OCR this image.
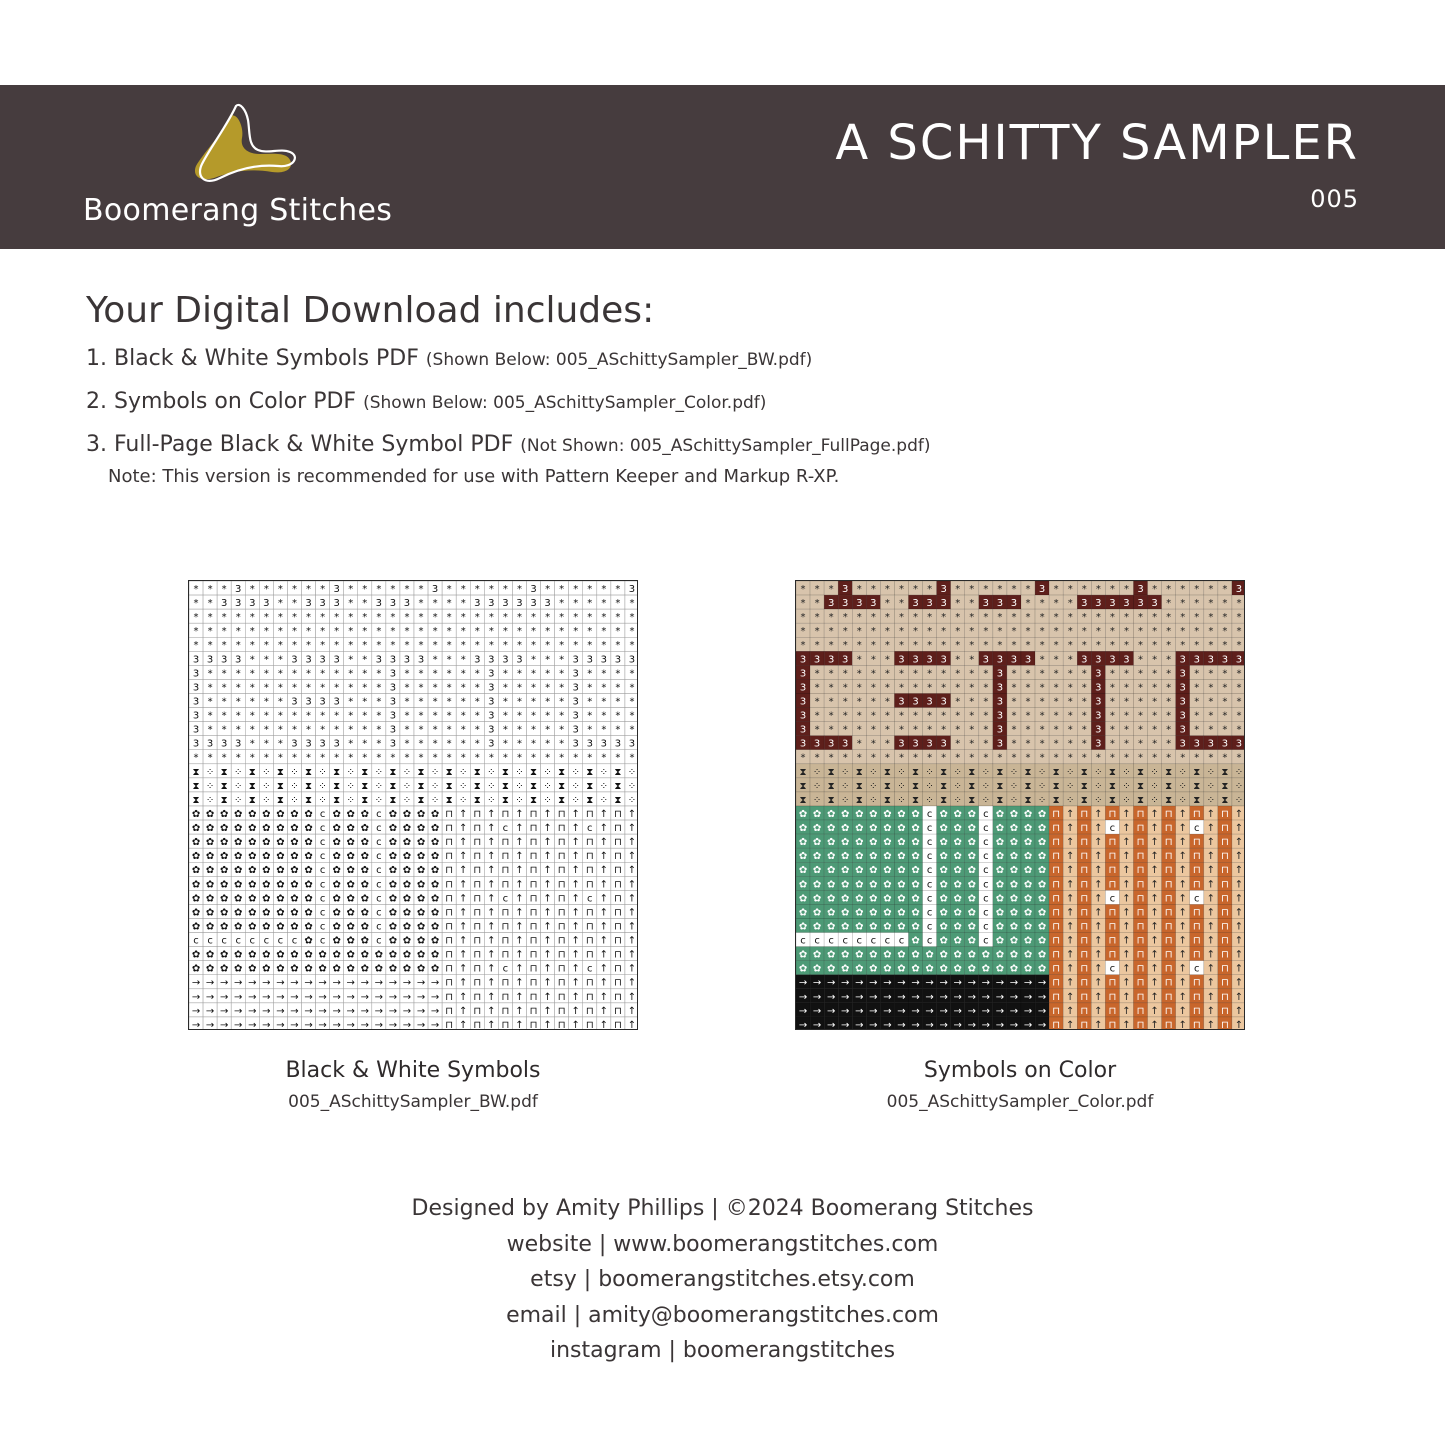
Boomerang Stitches
A SCHITTY SAMPLER
005
Your Digital Download includes:
1. Black & White Symbols PDF (Shown Below: 005_ASchittySampler_BW.pdf)
2. Symbols on Color PDF (Shown Below: 005_ASchittySampler_Color.pdf)
3. Full-Page Black & White Symbol PDF (Not Shown: 005_ASchittySampler_FullPage.pdf)
Note: This version is recommended for use with Pattern Keeper and Markup R-XP.
* * * 3 * * * * * * 3 * * * * * * 3 * * * * * * 3 * * * * * * 3
* * 3 3 3 3 * * 3 3 3 * * 3 3 3 * * * * 3 3 3 3 3 3 * * * * * *
* * * * * * * * * * * * * * * * * * * * * * * * * * * * * * * *
* * * * * * * * * * * * * * * * * * * * * * * * * * * * * * * *
* * * * * * * * * * * * * * * * * * * * * * * * * * * * * * * *
3 3 3 3 * * * 3 3 3 3 * * 3 3 3 3 * * * 3 3 3 3 * * * 3 3 3 3 3
3 * * * * * * * * * * * * * 3 * * * * * * 3 * * * * * 3 * * * *
3 * * * * * * * * * * * * * 3 * * * * * * 3 * * * * * 3 * * * *
3 * * * * * * 3 3 3 3 * * * 3 * * * * * * 3 * * * * * 3 * * * *
3 * * * * * * * * * * * * * 3 * * * * * * 3 * * * * * 3 * * * *
3 * * * * * * * * * * * * * 3 * * * * * * 3 * * * * * 3 * * * *
3 3 3 3 * * * 3 3 3 3 * * * 3 * * * * * * 3 * * * * * 3 3 3 3 3
* * * * * * * * * * * * * * * * * * * * * * * * * * * * * * * *
⧗ ⁘ ⧗ ⁘ ⧗ ⁘ ⧗ ⁘ ⧗ ⁘ ⧗ ⁘ ⧗ ⁘ ⧗ ⁘ ⧗ ⁘ ⧗ ⁘ ⧗ ⁘ ⧗ ⁘ ⧗ ⁘ ⧗ ⁘ ⧗ ⁘ ⧗ ⁘
⧗ ⁘ ⧗ ⁘ ⧗ ⁘ ⧗ ⁘ ⧗ ⁘ ⧗ ⁘ ⧗ ⁘ ⧗ ⁘ ⧗ ⁘ ⧗ ⁘ ⧗ ⁘ ⧗ ⁘ ⧗ ⁘ ⧗ ⁘ ⧗ ⁘ ⧗ ⁘
⧗ ⁘ ⧗ ⁘ ⧗ ⁘ ⧗ ⁘ ⧗ ⁘ ⧗ ⁘ ⧗ ⁘ ⧗ ⁘ ⧗ ⁘ ⧗ ⁘ ⧗ ⁘ ⧗ ⁘ ⧗ ⁘ ⧗ ⁘ ⧗ ⁘ ⧗ ⁘
✿ ✿ ✿ ✿ ✿ ✿ ✿ ✿ ✿ c ✿ ✿ ✿ c ✿ ✿ ✿ ✿ ⊓ ↑ ⊓ ↑ ⊓ ↑ ⊓ ↑ ⊓ ↑ ⊓ ↑ ⊓ ↑
✿ ✿ ✿ ✿ ✿ ✿ ✿ ✿ ✿ c ✿ ✿ ✿ c ✿ ✿ ✿ ✿ ⊓ ↑ ⊓ ↑ c ↑ ⊓ ↑ ⊓ ↑ c ↑ ⊓ ↑
✿ ✿ ✿ ✿ ✿ ✿ ✿ ✿ ✿ c ✿ ✿ ✿ c ✿ ✿ ✿ ✿ ⊓ ↑ ⊓ ↑ ⊓ ↑ ⊓ ↑ ⊓ ↑ ⊓ ↑ ⊓ ↑
✿ ✿ ✿ ✿ ✿ ✿ ✿ ✿ ✿ c ✿ ✿ ✿ c ✿ ✿ ✿ ✿ ⊓ ↑ ⊓ ↑ ⊓ ↑ ⊓ ↑ ⊓ ↑ ⊓ ↑ ⊓ ↑
✿ ✿ ✿ ✿ ✿ ✿ ✿ ✿ ✿ c ✿ ✿ ✿ c ✿ ✿ ✿ ✿ ⊓ ↑ ⊓ ↑ ⊓ ↑ ⊓ ↑ ⊓ ↑ ⊓ ↑ ⊓ ↑
✿ ✿ ✿ ✿ ✿ ✿ ✿ ✿ ✿ c ✿ ✿ ✿ c ✿ ✿ ✿ ✿ ⊓ ↑ ⊓ ↑ ⊓ ↑ ⊓ ↑ ⊓ ↑ ⊓ ↑ ⊓ ↑
✿ ✿ ✿ ✿ ✿ ✿ ✿ ✿ ✿ c ✿ ✿ ✿ c ✿ ✿ ✿ ✿ ⊓ ↑ ⊓ ↑ c ↑ ⊓ ↑ ⊓ ↑ c ↑ ⊓ ↑
✿ ✿ ✿ ✿ ✿ ✿ ✿ ✿ ✿ c ✿ ✿ ✿ c ✿ ✿ ✿ ✿ ⊓ ↑ ⊓ ↑ ⊓ ↑ ⊓ ↑ ⊓ ↑ ⊓ ↑ ⊓ ↑
✿ ✿ ✿ ✿ ✿ ✿ ✿ ✿ ✿ c ✿ ✿ ✿ c ✿ ✿ ✿ ✿ ⊓ ↑ ⊓ ↑ ⊓ ↑ ⊓ ↑ ⊓ ↑ ⊓ ↑ ⊓ ↑
c c c c c c c c ✿ c ✿ ✿ ✿ c ✿ ✿ ✿ ✿ ⊓ ↑ ⊓ ↑ ⊓ ↑ ⊓ ↑ ⊓ ↑ ⊓ ↑ ⊓ ↑
✿ ✿ ✿ ✿ ✿ ✿ ✿ ✿ ✿ ✿ ✿ ✿ ✿ ✿ ✿ ✿ ✿ ✿ ⊓ ↑ ⊓ ↑ ⊓ ↑ ⊓ ↑ ⊓ ↑ ⊓ ↑ ⊓ ↑
✿ ✿ ✿ ✿ ✿ ✿ ✿ ✿ ✿ ✿ ✿ ✿ ✿ ✿ ✿ ✿ ✿ ✿ ⊓ ↑ ⊓ ↑ c ↑ ⊓ ↑ ⊓ ↑ c ↑ ⊓ ↑
→ → → → → → → → → → → → → → → → → → ⊓ ↑ ⊓ ↑ ⊓ ↑ ⊓ ↑ ⊓ ↑ ⊓ ↑ ⊓ ↑
→ → → → → → → → → → → → → → → → → → ⊓ ↑ ⊓ ↑ ⊓ ↑ ⊓ ↑ ⊓ ↑ ⊓ ↑ ⊓ ↑
→ → → → → → → → → → → → → → → → → → ⊓ ↑ ⊓ ↑ ⊓ ↑ ⊓ ↑ ⊓ ↑ ⊓ ↑ ⊓ ↑
→ → → → → → → → → → → → → → → → → → ⊓ ↑ ⊓ ↑ ⊓ ↑ ⊓ ↑ ⊓ ↑ ⊓ ↑ ⊓ ↑
Black & White Symbols
005_ASchittySampler_BW.pdf
* * * 3 * * * * * * 3 * * * * * * 3 * * * * * * 3 * * * * * * 3
* * 3 3 3 3 * * 3 3 3 * * 3 3 3 * * * * 3 3 3 3 3 3 * * * * * *
* * * * * * * * * * * * * * * * * * * * * * * * * * * * * * * *
* * * * * * * * * * * * * * * * * * * * * * * * * * * * * * * *
* * * * * * * * * * * * * * * * * * * * * * * * * * * * * * * *
3 3 3 3 * * * 3 3 3 3 * * 3 3 3 3 * * * 3 3 3 3 * * * 3 3 3 3 3
3 * * * * * * * * * * * * * 3 * * * * * * 3 * * * * * 3 * * * *
3 * * * * * * * * * * * * * 3 * * * * * * 3 * * * * * 3 * * * *
3 * * * * * * 3 3 3 3 * * * 3 * * * * * * 3 * * * * * 3 * * * *
3 * * * * * * * * * * * * * 3 * * * * * * 3 * * * * * 3 * * * *
3 * * * * * * * * * * * * * 3 * * * * * * 3 * * * * * 3 * * * *
3 3 3 3 * * * 3 3 3 3 * * * 3 * * * * * * 3 * * * * * 3 3 3 3 3
* * * * * * * * * * * * * * * * * * * * * * * * * * * * * * * *
⧗ ⁘ ⧗ ⁘ ⧗ ⁘ ⧗ ⁘ ⧗ ⁘ ⧗ ⁘ ⧗ ⁘ ⧗ ⁘ ⧗ ⁘ ⧗ ⁘ ⧗ ⁘ ⧗ ⁘ ⧗ ⁘ ⧗ ⁘ ⧗ ⁘ ⧗ ⁘
⧗ ⁘ ⧗ ⁘ ⧗ ⁘ ⧗ ⁘ ⧗ ⁘ ⧗ ⁘ ⧗ ⁘ ⧗ ⁘ ⧗ ⁘ ⧗ ⁘ ⧗ ⁘ ⧗ ⁘ ⧗ ⁘ ⧗ ⁘ ⧗ ⁘ ⧗ ⁘
⧗ ⁘ ⧗ ⁘ ⧗ ⁘ ⧗ ⁘ ⧗ ⁘ ⧗ ⁘ ⧗ ⁘ ⧗ ⁘ ⧗ ⁘ ⧗ ⁘ ⧗ ⁘ ⧗ ⁘ ⧗ ⁘ ⧗ ⁘ ⧗ ⁘ ⧗ ⁘
✿ ✿ ✿ ✿ ✿ ✿ ✿ ✿ ✿ c ✿ ✿ ✿ c ✿ ✿ ✿ ✿ ⊓ ↑ ⊓ ↑ ⊓ ↑ ⊓ ↑ ⊓ ↑ ⊓ ↑ ⊓ ↑
✿ ✿ ✿ ✿ ✿ ✿ ✿ ✿ ✿ c ✿ ✿ ✿ c ✿ ✿ ✿ ✿ ⊓ ↑ ⊓ ↑ c ↑ ⊓ ↑ ⊓ ↑ c ↑ ⊓ ↑
✿ ✿ ✿ ✿ ✿ ✿ ✿ ✿ ✿ c ✿ ✿ ✿ c ✿ ✿ ✿ ✿ ⊓ ↑ ⊓ ↑ ⊓ ↑ ⊓ ↑ ⊓ ↑ ⊓ ↑ ⊓ ↑
✿ ✿ ✿ ✿ ✿ ✿ ✿ ✿ ✿ c ✿ ✿ ✿ c ✿ ✿ ✿ ✿ ⊓ ↑ ⊓ ↑ ⊓ ↑ ⊓ ↑ ⊓ ↑ ⊓ ↑ ⊓ ↑
✿ ✿ ✿ ✿ ✿ ✿ ✿ ✿ ✿ c ✿ ✿ ✿ c ✿ ✿ ✿ ✿ ⊓ ↑ ⊓ ↑ ⊓ ↑ ⊓ ↑ ⊓ ↑ ⊓ ↑ ⊓ ↑
✿ ✿ ✿ ✿ ✿ ✿ ✿ ✿ ✿ c ✿ ✿ ✿ c ✿ ✿ ✿ ✿ ⊓ ↑ ⊓ ↑ ⊓ ↑ ⊓ ↑ ⊓ ↑ ⊓ ↑ ⊓ ↑
✿ ✿ ✿ ✿ ✿ ✿ ✿ ✿ ✿ c ✿ ✿ ✿ c ✿ ✿ ✿ ✿ ⊓ ↑ ⊓ ↑ c ↑ ⊓ ↑ ⊓ ↑ c ↑ ⊓ ↑
✿ ✿ ✿ ✿ ✿ ✿ ✿ ✿ ✿ c ✿ ✿ ✿ c ✿ ✿ ✿ ✿ ⊓ ↑ ⊓ ↑ ⊓ ↑ ⊓ ↑ ⊓ ↑ ⊓ ↑ ⊓ ↑
✿ ✿ ✿ ✿ ✿ ✿ ✿ ✿ ✿ c ✿ ✿ ✿ c ✿ ✿ ✿ ✿ ⊓ ↑ ⊓ ↑ ⊓ ↑ ⊓ ↑ ⊓ ↑ ⊓ ↑ ⊓ ↑
c c c c c c c c ✿ c ✿ ✿ ✿ c ✿ ✿ ✿ ✿ ⊓ ↑ ⊓ ↑ ⊓ ↑ ⊓ ↑ ⊓ ↑ ⊓ ↑ ⊓ ↑
✿ ✿ ✿ ✿ ✿ ✿ ✿ ✿ ✿ ✿ ✿ ✿ ✿ ✿ ✿ ✿ ✿ ✿ ⊓ ↑ ⊓ ↑ ⊓ ↑ ⊓ ↑ ⊓ ↑ ⊓ ↑ ⊓ ↑
✿ ✿ ✿ ✿ ✿ ✿ ✿ ✿ ✿ ✿ ✿ ✿ ✿ ✿ ✿ ✿ ✿ ✿ ⊓ ↑ ⊓ ↑ c ↑ ⊓ ↑ ⊓ ↑ c ↑ ⊓ ↑
→ → → → → → → → → → → → → → → → → → ⊓ ↑ ⊓ ↑ ⊓ ↑ ⊓ ↑ ⊓ ↑ ⊓ ↑ ⊓ ↑
→ → → → → → → → → → → → → → → → → → ⊓ ↑ ⊓ ↑ ⊓ ↑ ⊓ ↑ ⊓ ↑ ⊓ ↑ ⊓ ↑
→ → → → → → → → → → → → → → → → → → ⊓ ↑ ⊓ ↑ ⊓ ↑ ⊓ ↑ ⊓ ↑ ⊓ ↑ ⊓ ↑
→ → → → → → → → → → → → → → → → → → ⊓ ↑ ⊓ ↑ ⊓ ↑ ⊓ ↑ ⊓ ↑ ⊓ ↑ ⊓ ↑
Symbols on Color
005_ASchittySampler_Color.pdf
Designed by Amity Phillips | ©2024 Boomerang Stitches
website | www.boomerangstitches.com
etsy | boomerangstitches.etsy.com
email | amity@boomerangstitches.com
instagram | boomerangstitches
